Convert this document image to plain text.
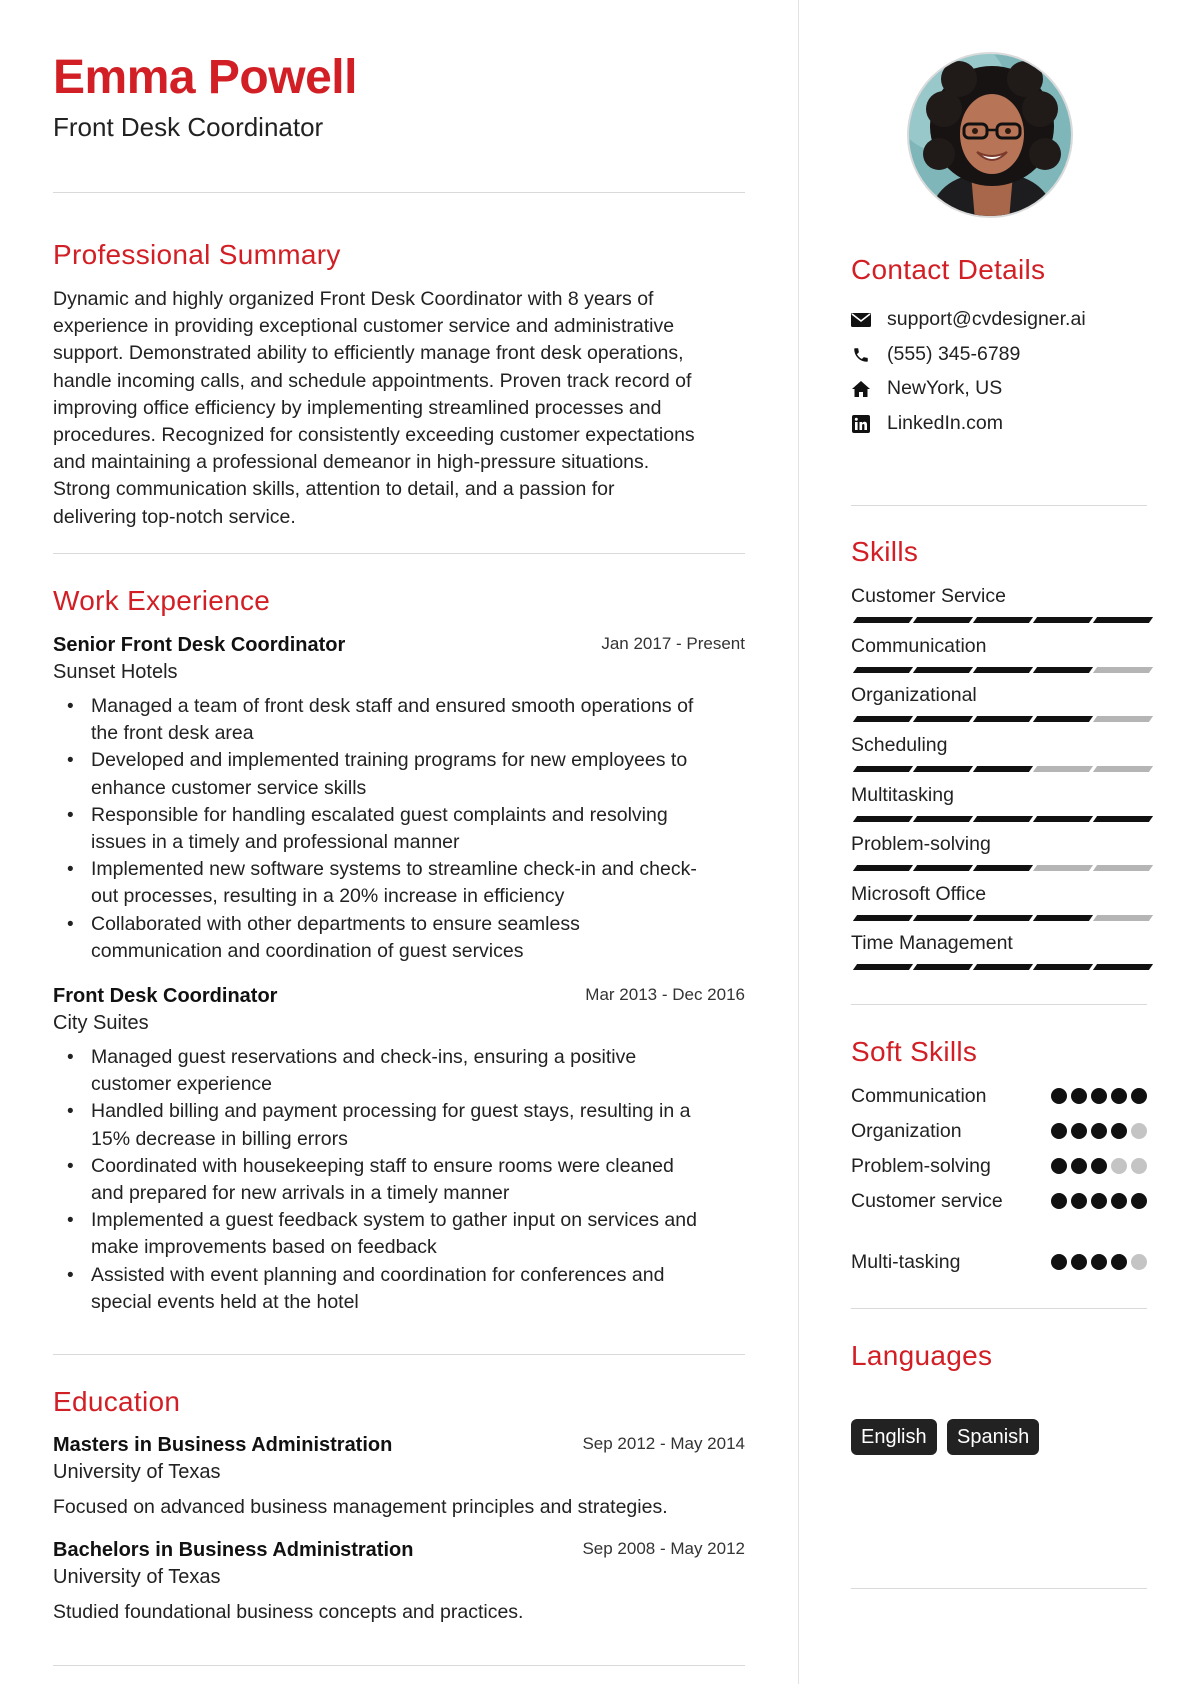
Emma Powell
Front Desk Coordinator
Professional Summary
Dynamic and highly organized Front Desk Coordinator with 8 years of
experience in providing exceptional customer service and administrative
support. Demonstrated ability to efficiently manage front desk operations,
handle incoming calls, and schedule appointments. Proven track record of
improving office efficiency by implementing streamlined processes and
procedures. Recognized for consistently exceeding customer expectations
and maintaining a professional demeanor in high-pressure situations.
Strong communication skills, attention to detail, and a passion for
delivering top-notch service.
Work Experience
Senior Front Desk Coordinator	Jan 2017 - Present
Sunset Hotels
• Managed a team of front desk staff and ensured smooth operations of
the front desk area
• Developed and implemented training programs for new employees to
enhance customer service skills
• Responsible for handling escalated guest complaints and resolving
issues in a timely and professional manner
• Implemented new software systems to streamline check-in and check-
out processes, resulting in a 20% increase in efficiency
• Collaborated with other departments to ensure seamless
communication and coordination of guest services
Front Desk Coordinator	Mar 2013 - Dec 2016
City Suites
• Managed guest reservations and check-ins, ensuring a positive
customer experience
• Handled billing and payment processing for guest stays, resulting in a
15% decrease in billing errors
• Coordinated with housekeeping staff to ensure rooms were cleaned
and prepared for new arrivals in a timely manner
• Implemented a guest feedback system to gather input on services and
make improvements based on feedback
• Assisted with event planning and coordination for conferences and
special events held at the hotel
Education
Masters in Business Administration	Sep 2012 - May 2014
University of Texas
Focused on advanced business management principles and strategies.
Bachelors in Business Administration	Sep 2008 - May 2012
University of Texas
Studied foundational business concepts and practices.
Contact Details
support@cvdesigner.ai
(555) 345-6789
NewYork, US
LinkedIn.com
Skills
Customer Service
Communication
Organizational
Scheduling
Multitasking
Problem-solving
Microsoft Office
Time Management
Soft Skills
Communication
Organization
Problem-solving
Customer service
Multi-tasking
Languages
English	Spanish
